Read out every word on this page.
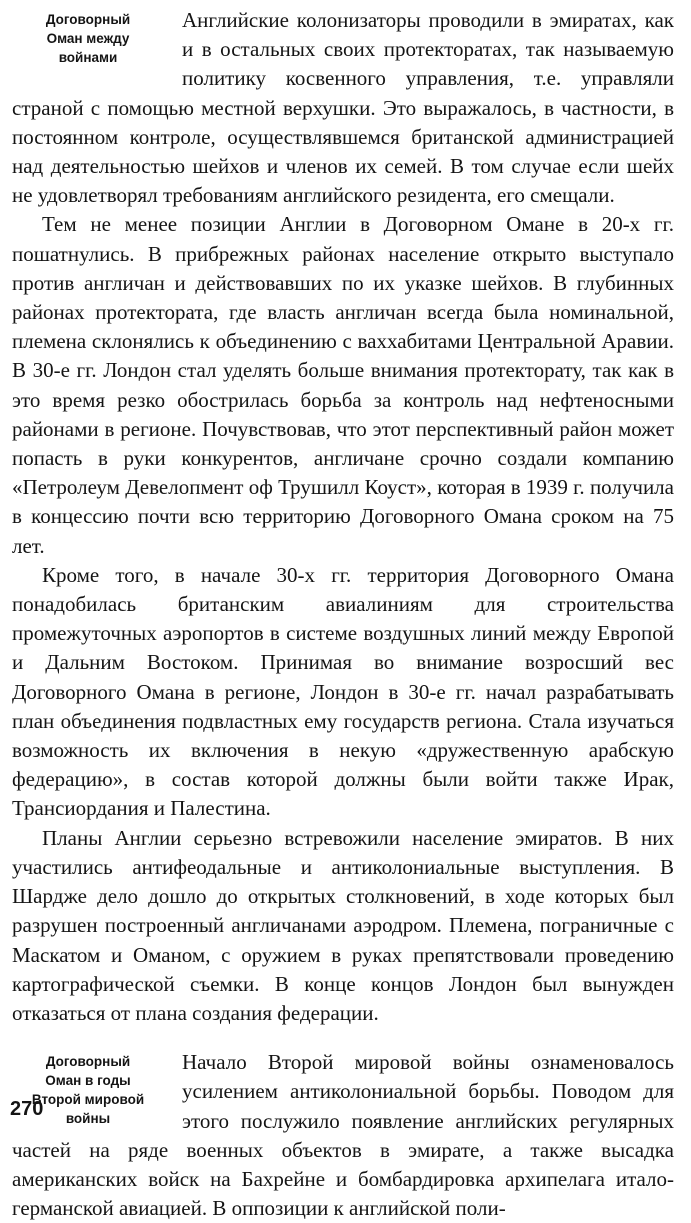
Договорный
Оман между
войнами

Английские колонизаторы проводили в эмиратах, как и в остальных своих протекторатах, так называемую политику косвенного управления, т.е. управляли страной с помощью местной верхушки. Это выражалось, в частности, в постоянном контроле, осуществлявшемся британской администрацией над деятельностью шейхов и членов их семей. В том случае если шейх не удовлетворял требованиям английского резидента, его смещали.

Тем не менее позиции Англии в Договорном Омане в 20-х гг. пошатнулись. В прибрежных районах население открыто выступало против англичан и действовавших по их указке шейхов. В глубинных районах протектората, где власть англичан всегда была номинальной, племена склонялись к объединению с ваххабитами Центральной Аравии. В 30-е гг. Лондон стал уделять больше внимания протекторату, так как в это время резко обострилась борьба за контроль над нефтеносными районами в регионе. Почувствовав, что этот перспективный район может попасть в руки конкурентов, англичане срочно создали компанию «Петролеум Девелопмент оф Трушилл Коуст», которая в 1939 г. получила в концессию почти всю территорию Договорного Омана сроком на 75 лет.

Кроме того, в начале 30-х гг. территория Договорного Омана понадобилась британским авиалиниям для строительства промежуточных аэропортов в системе воздушных линий между Европой и Дальним Востоком. Принимая во внимание возросший вес Договорного Омана в регионе, Лондон в 30-е гг. начал разрабатывать план объединения подвластных ему государств региона. Стала изучаться возможность их включения в некую «дружественную арабскую федерацию», в состав которой должны были войти также Ирак, Трансиордания и Палестина.

Планы Англии серьезно встревожили население эмиратов. В них участились антифеодальные и антиколониальные выступления. В Шардже дело дошло до открытых столкновений, в ходе которых был разрушен построенный англичанами аэродром. Племена, пограничные с Маскатом и Оманом, с оружием в руках препятствовали проведению картографической съемки. В конце концов Лондон был вынужден отказаться от плана создания федерации.

Договорный
Оман в годы
Второй мировой
войны

Начало Второй мировой войны ознаменовалось усилением антиколониальной борьбы. Поводом для этого послужило появление английских регулярных частей на ряде военных объектов в эмирате, а также высадка американских войск на Бахрейне и бомбардировка архипелага итало-германской авиацией. В оппозиции к английской поли-

270
